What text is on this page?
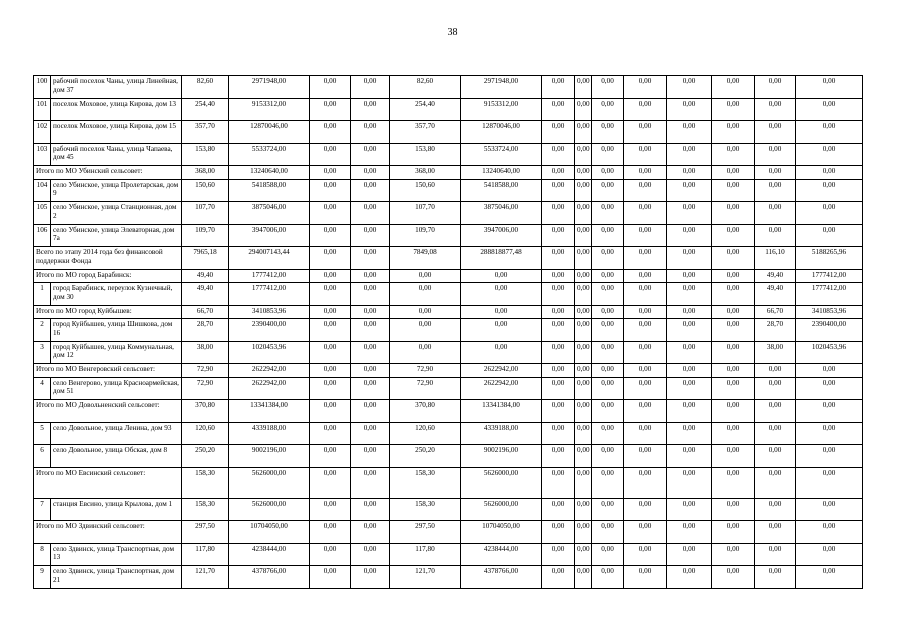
38
100	рабочий поселок Чаны, улица Линейная, дом 37	82,60	2971948,00	0,00	0,00	82,60	2971948,00	0,00	0,00	0,00	0,00	0,00	0,00	0,00	0,00
101	поселок Моховое, улица Кирова, дом 13	254,40	9153312,00	0,00	0,00	254,40	9153312,00	0,00	0,00	0,00	0,00	0,00	0,00	0,00	0,00
102	поселок Моховое, улица Кирова, дом 15	357,70	12870046,00	0,00	0,00	357,70	12870046,00	0,00	0,00	0,00	0,00	0,00	0,00	0,00	0,00
103	рабочий поселок Чаны, улица Чапаева, дом 45	153,80	5533724,00	0,00	0,00	153,80	5533724,00	0,00	0,00	0,00	0,00	0,00	0,00	0,00	0,00
Итого по МО Убинский сельсовет:		368,00	13240640,00	0,00	0,00	368,00	13240640,00	0,00	0,00	0,00	0,00	0,00	0,00	0,00	0,00
104	село Убинское, улица Пролетарская, дом 9	150,60	5418588,00	0,00	0,00	150,60	5418588,00	0,00	0,00	0,00	0,00	0,00	0,00	0,00	0,00
105	село Убинское, улица Станционная, дом 2	107,70	3875046,00	0,00	0,00	107,70	3875046,00	0,00	0,00	0,00	0,00	0,00	0,00	0,00	0,00
106	село Убинское, улица Элеваторная, дом 7а	109,70	3947006,00	0,00	0,00	109,70	3947006,00	0,00	0,00	0,00	0,00	0,00	0,00	0,00	0,00
Всего по этапу 2014 года без финансовой поддержки Фонда		7965,18	294007143,44	0,00	0,00	7849,08	288818877,48	0,00	0,00	0,00	0,00	0,00	0,00	116,10	5188265,96
Итого по МО город Барабинск:		49,40	1777412,00	0,00	0,00	0,00	0,00	0,00	0,00	0,00	0,00	0,00	0,00	49,40	1777412,00
1	город Барабинск, переулок Кузнечный, дом 30	49,40	1777412,00	0,00	0,00	0,00	0,00	0,00	0,00	0,00	0,00	0,00	0,00	49,40	1777412,00
Итого по МО город Куйбышев:		66,70	3410853,96	0,00	0,00	0,00	0,00	0,00	0,00	0,00	0,00	0,00	0,00	66,70	3410853,96
2	город Куйбышев, улица Шишкова, дом 16	28,70	2390400,00	0,00	0,00	0,00	0,00	0,00	0,00	0,00	0,00	0,00	0,00	28,70	2390400,00
3	город Куйбышев, улица Коммунальная, дом 12	38,00	1020453,96	0,00	0,00	0,00	0,00	0,00	0,00	0,00	0,00	0,00	0,00	38,00	1020453,96
Итого по МО Венгеровский сельсовет:		72,90	2622942,00	0,00	0,00	72,90	2622942,00	0,00	0,00	0,00	0,00	0,00	0,00	0,00	0,00
4	село Венгерово, улица Красноармейская, дом 51	72,90	2622942,00	0,00	0,00	72,90	2622942,00	0,00	0,00	0,00	0,00	0,00	0,00	0,00	0,00
Итого по МО Довольненский сельсовет:		370,80	13341384,00	0,00	0,00	370,80	13341384,00	0,00	0,00	0,00	0,00	0,00	0,00	0,00	0,00
5	село Довольное, улица Ленина, дом 93	120,60	4339188,00	0,00	0,00	120,60	4339188,00	0,00	0,00	0,00	0,00	0,00	0,00	0,00	0,00
6	село Довольное, улица Обская, дом 8	250,20	9002196,00	0,00	0,00	250,20	9002196,00	0,00	0,00	0,00	0,00	0,00	0,00	0,00	0,00
Итого по МО Евсинский сельсовет:		158,30	5626000,00	0,00	0,00	158,30	5626000,00	0,00	0,00	0,00	0,00	0,00	0,00	0,00	0,00
7	станция Евсино, улица Крылова, дом 1	158,30	5626000,00	0,00	0,00	158,30	5626000,00	0,00	0,00	0,00	0,00	0,00	0,00	0,00	0,00
Итого по МО Здвинский сельсовет:		297,50	10704050,00	0,00	0,00	297,50	10704050,00	0,00	0,00	0,00	0,00	0,00	0,00	0,00	0,00
8	село Здвинск, улица Транспортная, дом 13	117,80	4238444,00	0,00	0,00	117,80	4238444,00	0,00	0,00	0,00	0,00	0,00	0,00	0,00	0,00
9	село Здвинск, улица Транспортная, дом 21	121,70	4378766,00	0,00	0,00	121,70	4378766,00	0,00	0,00	0,00	0,00	0,00	0,00	0,00	0,00
